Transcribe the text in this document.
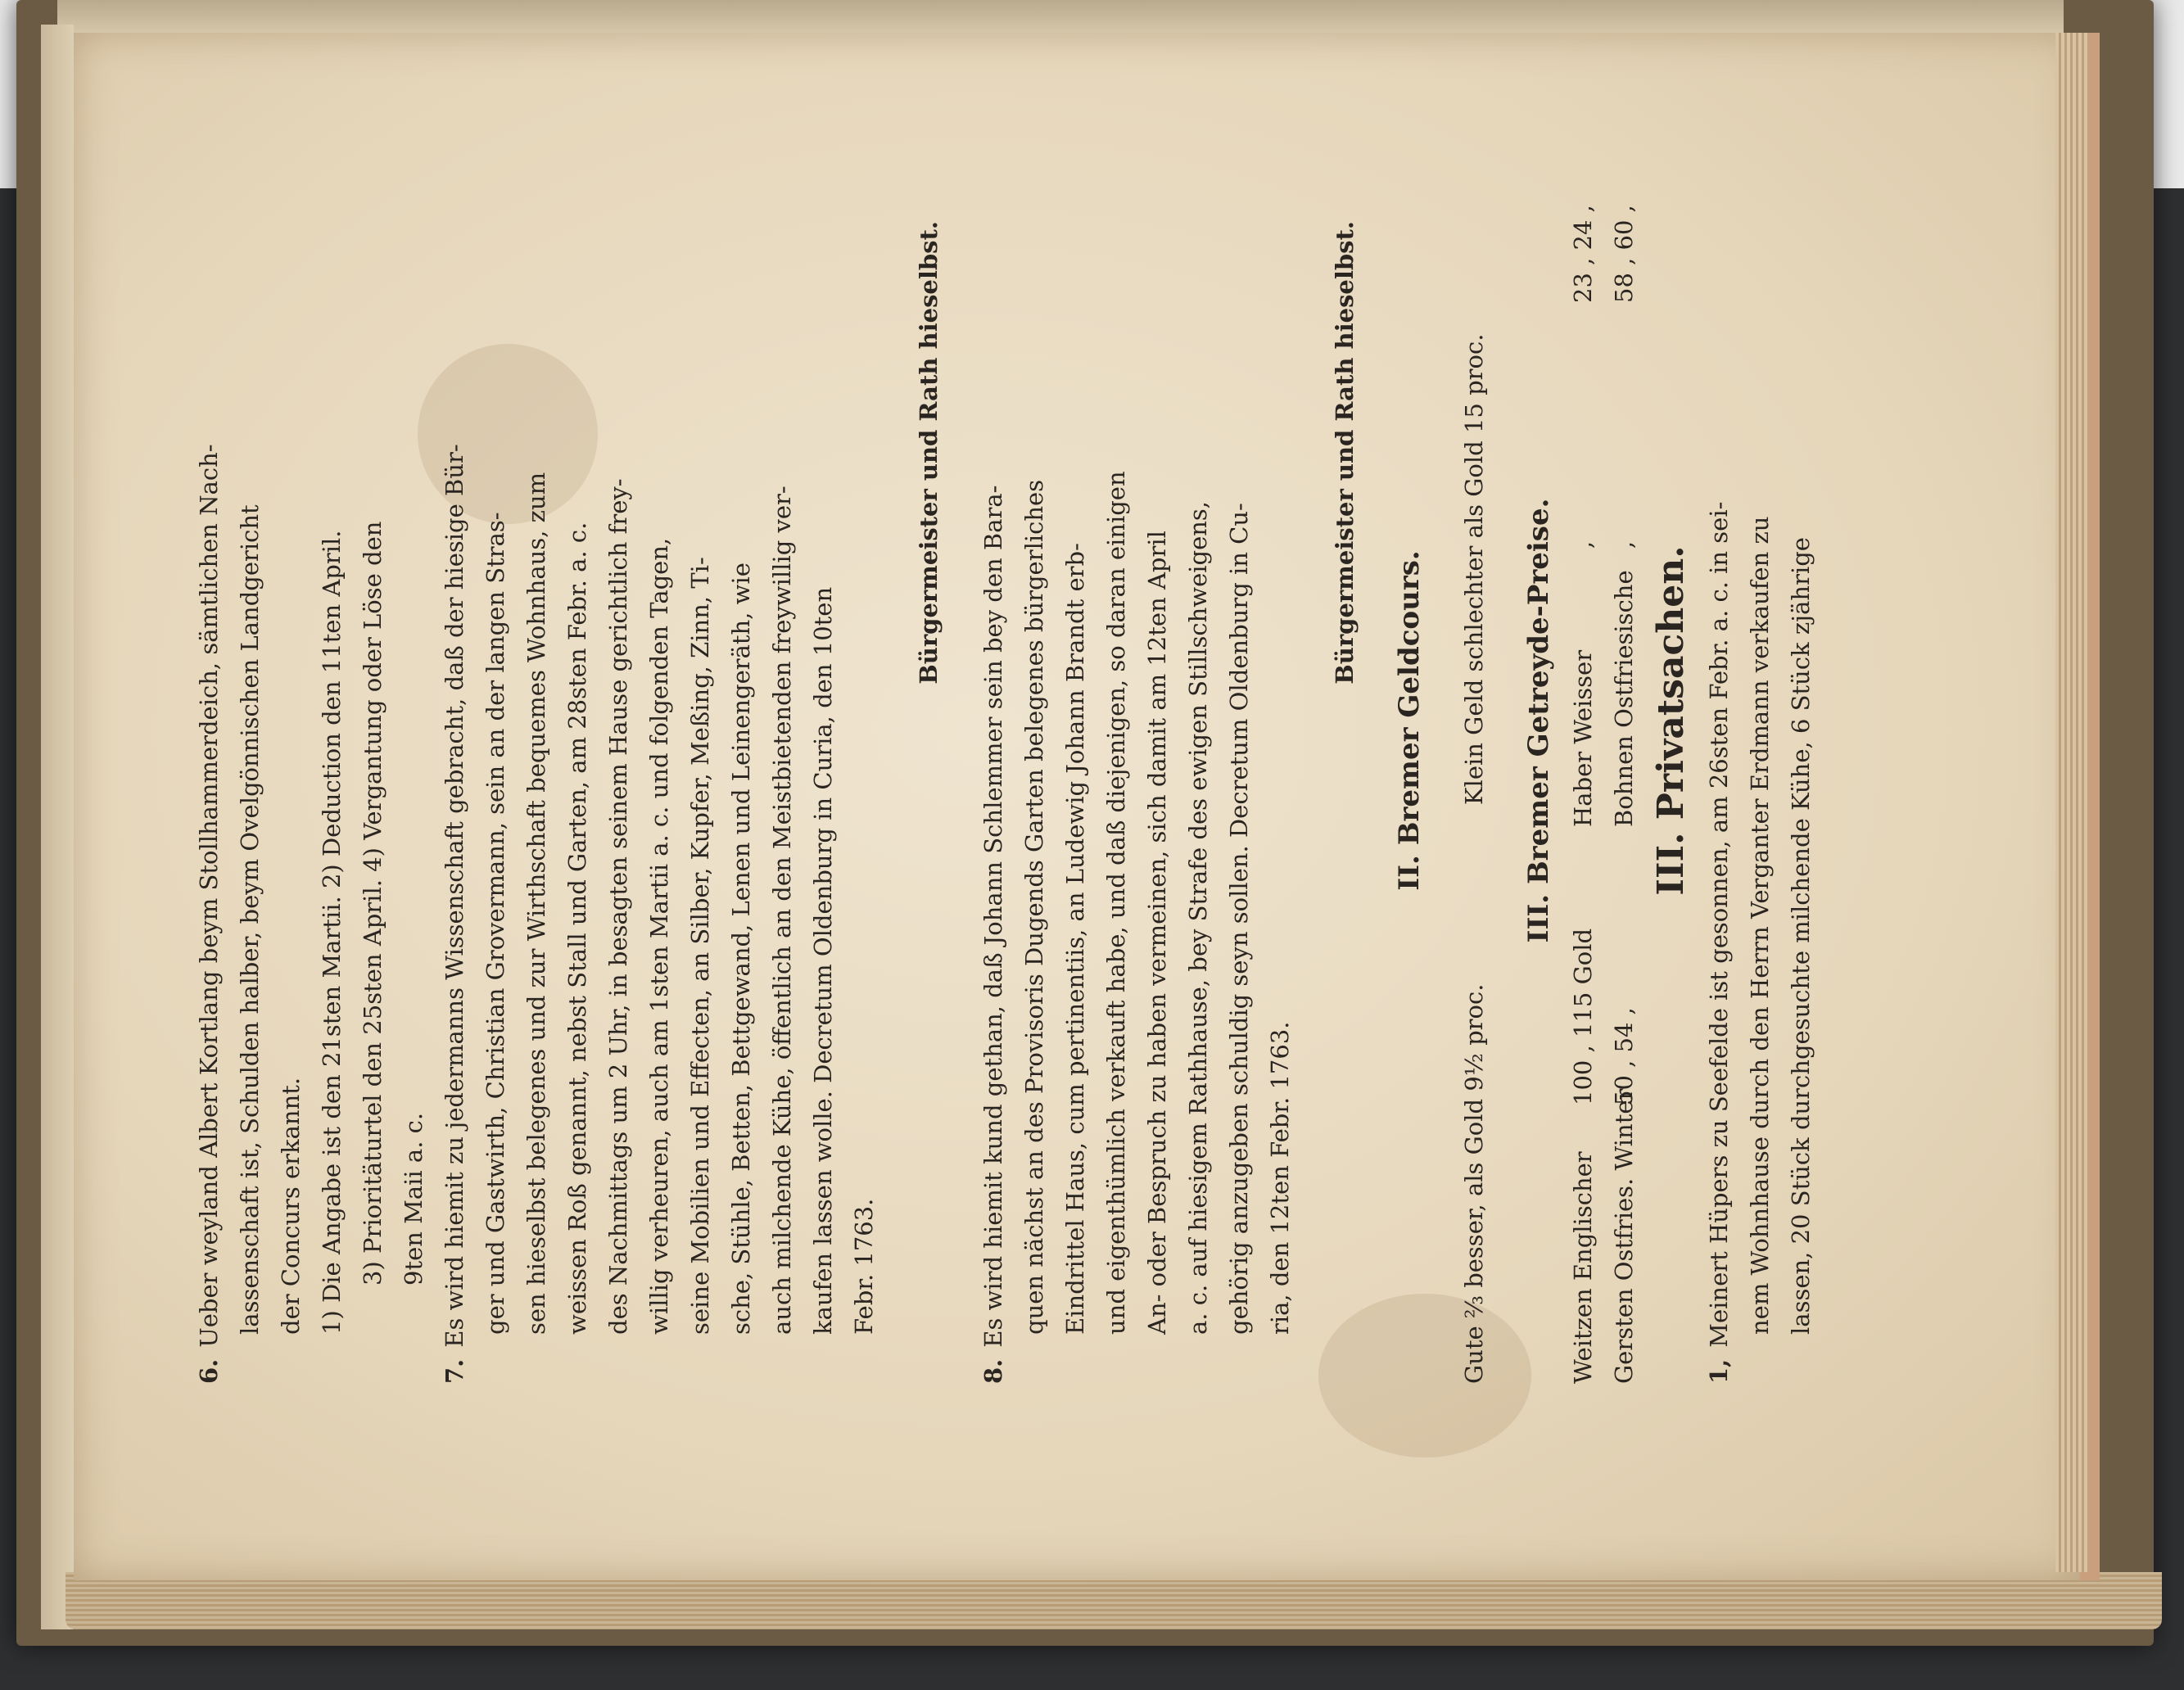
6.Ueber weyland Albert Kortlang beym Stollhammerdeich, sämtlichen Nach- lassenschaft ist, Schulden halber, beym Ovelgönnischen Landgericht der Concurs erkannt. 1) Die Angabe ist den 21sten Martii. 2) Deduction den 11ten April. 3) Prioritäturtel den 25sten April. 4) Vergantung oder Löse den 9ten Maii a. c.

7.Es wird hiemit zu jedermanns Wissenschaft gebracht, daß der hiesige Bür- ger und Gastwirth, Christian Grovermann, sein an der langen Stras- sen hieselbst belegenes und zur Wirthschaft bequemes Wohnhaus, zum weissen Roß genannt, nebst Stall und Garten, am 28sten Febr. a. c. des Nachmittags um 2 Uhr, in besagten seinem Hause gerichtlich frey- willig verheuren, auch am 1sten Martii a. c. und folgenden Tagen, seine Mobilien und Effecten, an Silber, Kupfer, Meßing, Zinn, Ti- sche, Stühle, Betten, Bettgewand, Lenen und Leinengeräth, wie auch milchende Kühe, öffentlich an den Meistbietenden freywillig ver- kaufen lassen wolle. Decretum Oldenburg in Curia, den 10ten Febr. 1763.

Bürgermeister und Rath hieselbst.

8.Es wird hiemit kund gethan, daß Johann Schlemmer sein bey den Bara- quen nächst an des Provisoris Dugends Garten belegenes bürgerliches Eindrittel Haus, cum pertinentiis, an Ludewig Johann Brandt erb- und eigenthümlich verkauft habe, und daß diejenigen, so daran einigen An- oder Bespruch zu haben vermeinen, sich damit am 12ten April a. c. auf hiesigem Rathhause, bey Strafe des ewigen Stillschweigens, gehörig anzugeben schuldig seyn sollen. Decretum Oldenburg in Cu- ria, den 12ten Febr. 1763.

Bürgermeister und Rath hieselbst.

II. Bremer Geldcours.

Gute ⅔ besser, als Gold 9½ proc.  Klein Geld schlechter als Gold 15 proc. III. Bremer Getreyde-Preise.

Weitzen Englischer
100 , 115 Gold
Haber Weisser
,
23 , 24 ,
Gersten Ostfries. Winter
50 , 54 ,
Bohnen Ostfriesische
,
58 , 60 ,

III. Privatsachen.

1,Meinert Hüpers zu Seefelde ist gesonnen, am 26sten Febr. a. c. in sei- nem Wohnhause durch den Herrn Verganter Erdmann verkaufen zu lassen, 20 Stück durchgesuchte milchende Kühe, 6 Stück zjährige
